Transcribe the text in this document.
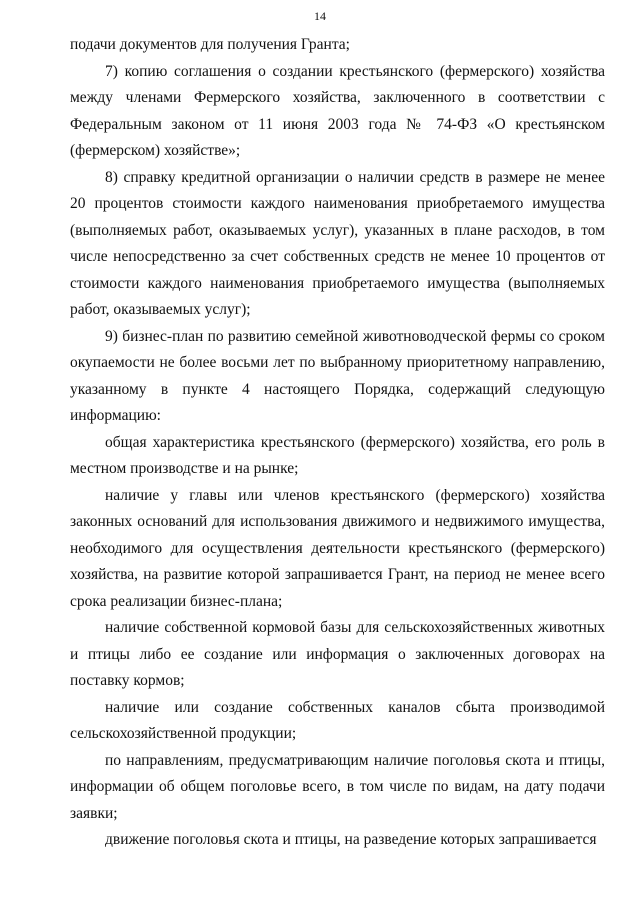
14

подачи документов для получения Гранта;

7) копию соглашения о создании крестьянского (фермерского) хозяйства между членами Фермерского хозяйства, заключенного в соответствии с Федеральным законом от 11 июня 2003 года № 74-ФЗ «О крестьянском (фермерском) хозяйстве»;

8) справку кредитной организации о наличии средств в размере не менее 20 процентов стоимости каждого наименования приобретаемого имущества (выполняемых работ, оказываемых услуг), указанных в плане расходов, в том числе непосредственно за счет собственных средств не менее 10 процентов от стоимости каждого наименования приобретаемого имущества (выполняемых работ, оказываемых услуг);

9) бизнес-план по развитию семейной животноводческой фермы со сроком окупаемости не более восьми лет по выбранному приоритетному направлению, указанному в пункте 4 настоящего Порядка, содержащий следующую информацию:

общая характеристика крестьянского (фермерского) хозяйства, его роль в местном производстве и на рынке;

наличие у главы или членов крестьянского (фермерского) хозяйства законных оснований для использования движимого и недвижимого имущества, необходимого для осуществления деятельности крестьянского (фермерского) хозяйства, на развитие которой запрашивается Грант, на период не менее всего срока реализации бизнес-плана;

наличие собственной кормовой базы для сельскохозяйственных животных и птицы либо ее создание или информация о заключенных договорах на поставку кормов;

наличие или создание собственных каналов сбыта производимой сельскохозяйственной продукции;

по направлениям, предусматривающим наличие поголовья скота и птицы, информации об общем поголовье всего, в том числе по видам, на дату подачи заявки;

движение поголовья скота и птицы, на разведение которых запрашивается
